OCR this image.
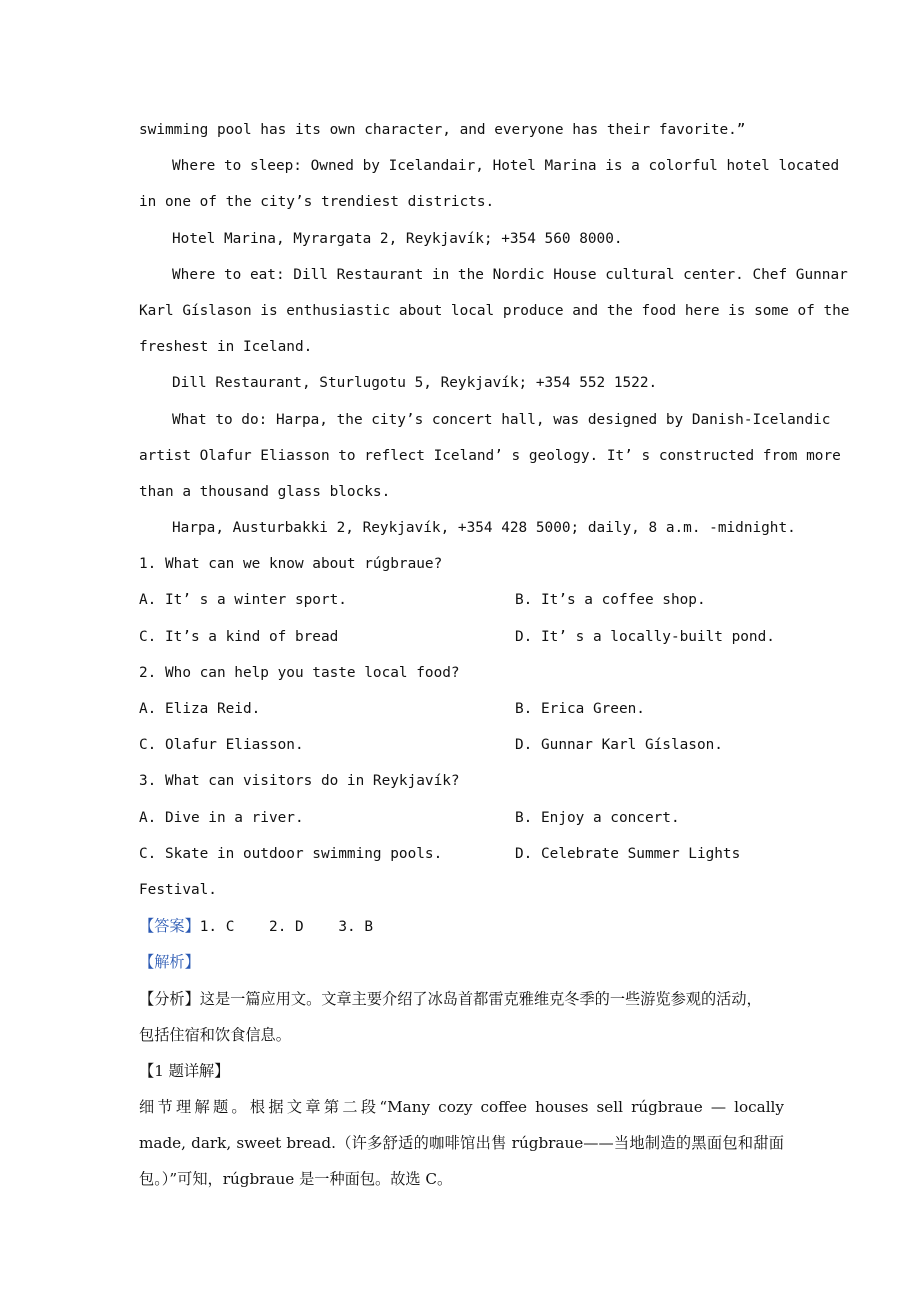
swimming pool has its own character, and everyone has their favorite.”
Where to sleep: Owned by Icelandair, Hotel Marina is a colorful hotel located
in one of the city’s trendiest districts.
Hotel Marina, Myrargata 2, Reykjavík; +354 560 8000.
Where to eat: Dill Restaurant in the Nordic House cultural center. Chef Gunnar
Karl Gíslason is enthusiastic about local produce and the food here is some of the
freshest in Iceland.
Dill Restaurant, Sturlugotu 5, Reykjavík; +354 552 1522.
What to do: Harpa, the city’s concert hall, was designed by Danish-Icelandic
artist Olafur Eliasson to reflect Iceland’ s geology. It’ s constructed from more
than a thousand glass blocks.
Harpa, Austurbakki 2, Reykjavík, +354 428 5000; daily, 8 a.m. -midnight.
1. What can we know about rúgbraue?
A. It’ s a winter sport.	B. It’s a coffee shop.
C. It’s a kind of bread	D. It’ s a locally-built pond.
2. Who can help you taste local food?
A. Eliza Reid.	B. Erica Green.
C. Olafur Eliasson.	D. Gunnar Karl Gíslason.
3. What can visitors do in Reykjavík?
A. Dive in a river.	B. Enjoy a concert.
C. Skate in outdoor swimming pools.	D. Celebrate Summer Lights
Festival.
【答案】1. C    2. D    3. B
【解析】
【分析】这是一篇应用文。文章主要介绍了冰岛首都雷克雅维克冬季的一些游览参观的活动，
包括住宿和饮食信息。
【1 题详解】
细节理解题。根据文章第二段“Many cozy coffee houses sell rúgbraue — locally
made, dark, sweet bread.（许多舒适的咖啡馆出售 rúgbraue——当地制造的黑面包和甜面
包。）”可知，rúgbraue 是一种面包。故选 C。
